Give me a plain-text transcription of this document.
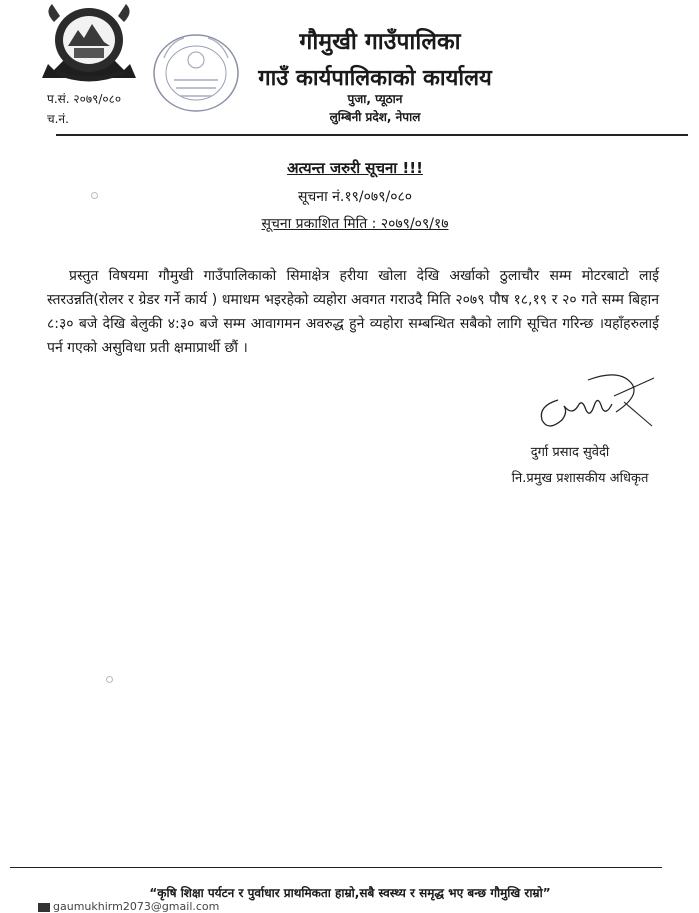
गौमुखी गाउँपालिका
गाउँ कार्यपालिकाको कार्यालय
पुजा, प्यूठान
लुम्बिनी प्रदेश, नेपाल
प.सं. २०७९/०८०
च.नं.
अत्यन्त जरुरी सूचना !!!
सूचना नं.१९/०७९/०८०
सूचना प्रकाशित मिति : २०७९/०९/१७
प्रस्तुत विषयमा गौमुखी गाउँपालिकाको सिमाक्षेत्र हरीया खोला देखि अर्खाको ठुलाचौर सम्म मोटरबाटो लाई स्तरउन्नति(रोलर र ग्रेडर गर्ने कार्य ) धमाधम भइरहेको व्यहोरा अवगत गराउदै मिति २०७९ पौष १८,१९ र २० गते सम्म बिहान ८:३० बजे देखि बेलुकी ४:३० बजे सम्म आवागमन अवरुद्ध हुने व्यहोरा सम्बन्धित सबैको लागि सूचित गरिन्छ ।यहाँहरुलाई पर्न गएको असुविधा प्रती क्षमाप्रार्थी छौं ।
दुर्गा प्रसाद सुवेदी
नि.प्रमुख प्रशासकीय अधिकृत
“कृषि शिक्षा पर्यटन र पुर्वाधार प्राथमिकता हाम्रो,सबै स्वस्थ्य र समृद्ध भए बन्छ गौमुखि राम्रो”
gaumukhirm2073@gmail.com
